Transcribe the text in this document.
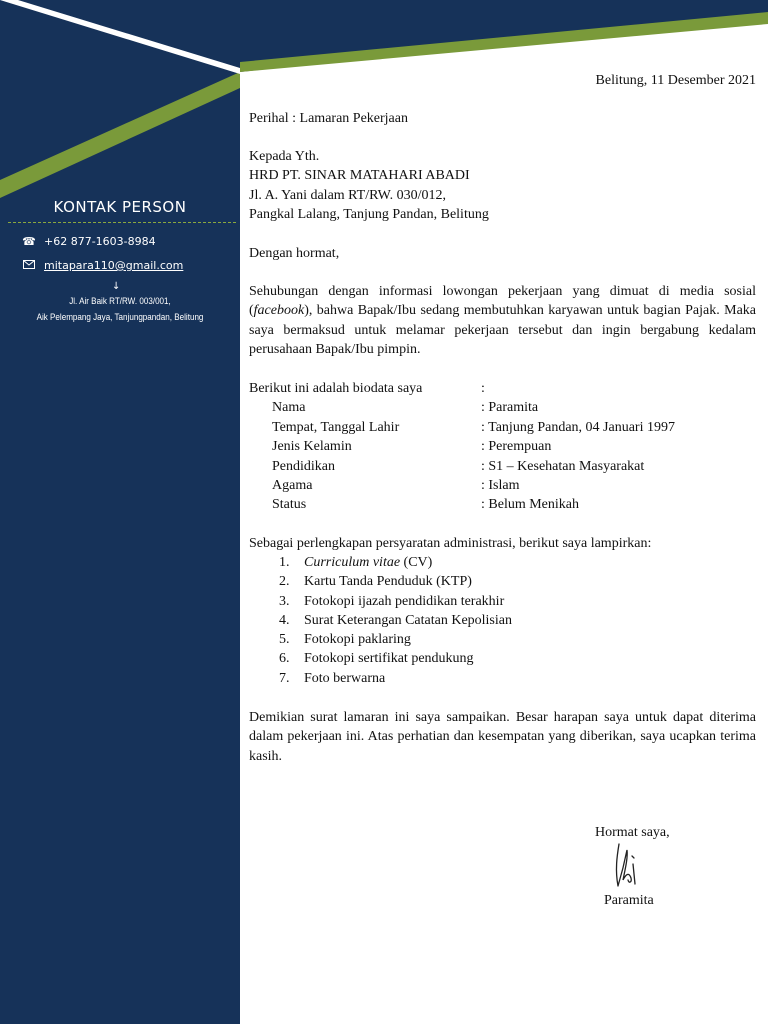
KONTAK PERSON
☎ +62 877-1603-8984
mitapara110@gmail.com
↓
Jl. Air Baik RT/RW. 003/001,
Aik Pelempang Jaya, Tanjungpandan, Belitung
Belitung, 11 Desember 2021
Perihal : Lamaran Pekerjaan
Kepada Yth.
HRD PT. SINAR MATAHARI ABADI
Jl. A. Yani dalam RT/RW. 030/012,
Pangkal Lalang, Tanjung Pandan, Belitung
Dengan hormat,
Sehubungan dengan informasi lowongan pekerjaan yang dimuat di media sosial (facebook), bahwa Bapak/Ibu sedang membutuhkan karyawan untuk bagian Pajak. Maka saya bermaksud untuk melamar pekerjaan tersebut dan ingin bergabung kedalam perusahaan Bapak/Ibu pimpin.
Berikut ini adalah biodata saya	:
Nama	: Paramita
Tempat, Tanggal Lahir	: Tanjung Pandan, 04 Januari 1997
Jenis Kelamin	: Perempuan
Pendidikan	: S1 – Kesehatan Masyarakat
Agama	: Islam
Status	: Belum Menikah
Sebagai perlengkapan persyaratan administrasi, berikut saya lampirkan:
1. Curriculum vitae (CV)
2. Kartu Tanda Penduduk (KTP)
3. Fotokopi ijazah pendidikan terakhir
4. Surat Keterangan Catatan Kepolisian
5. Fotokopi paklaring
6. Fotokopi sertifikat pendukung
7. Foto berwarna
Demikian surat lamaran ini saya sampaikan. Besar harapan saya untuk dapat diterima dalam pekerjaan ini. Atas perhatian dan kesempatan yang diberikan, saya ucapkan terima kasih.
Hormat saya,
Paramita
